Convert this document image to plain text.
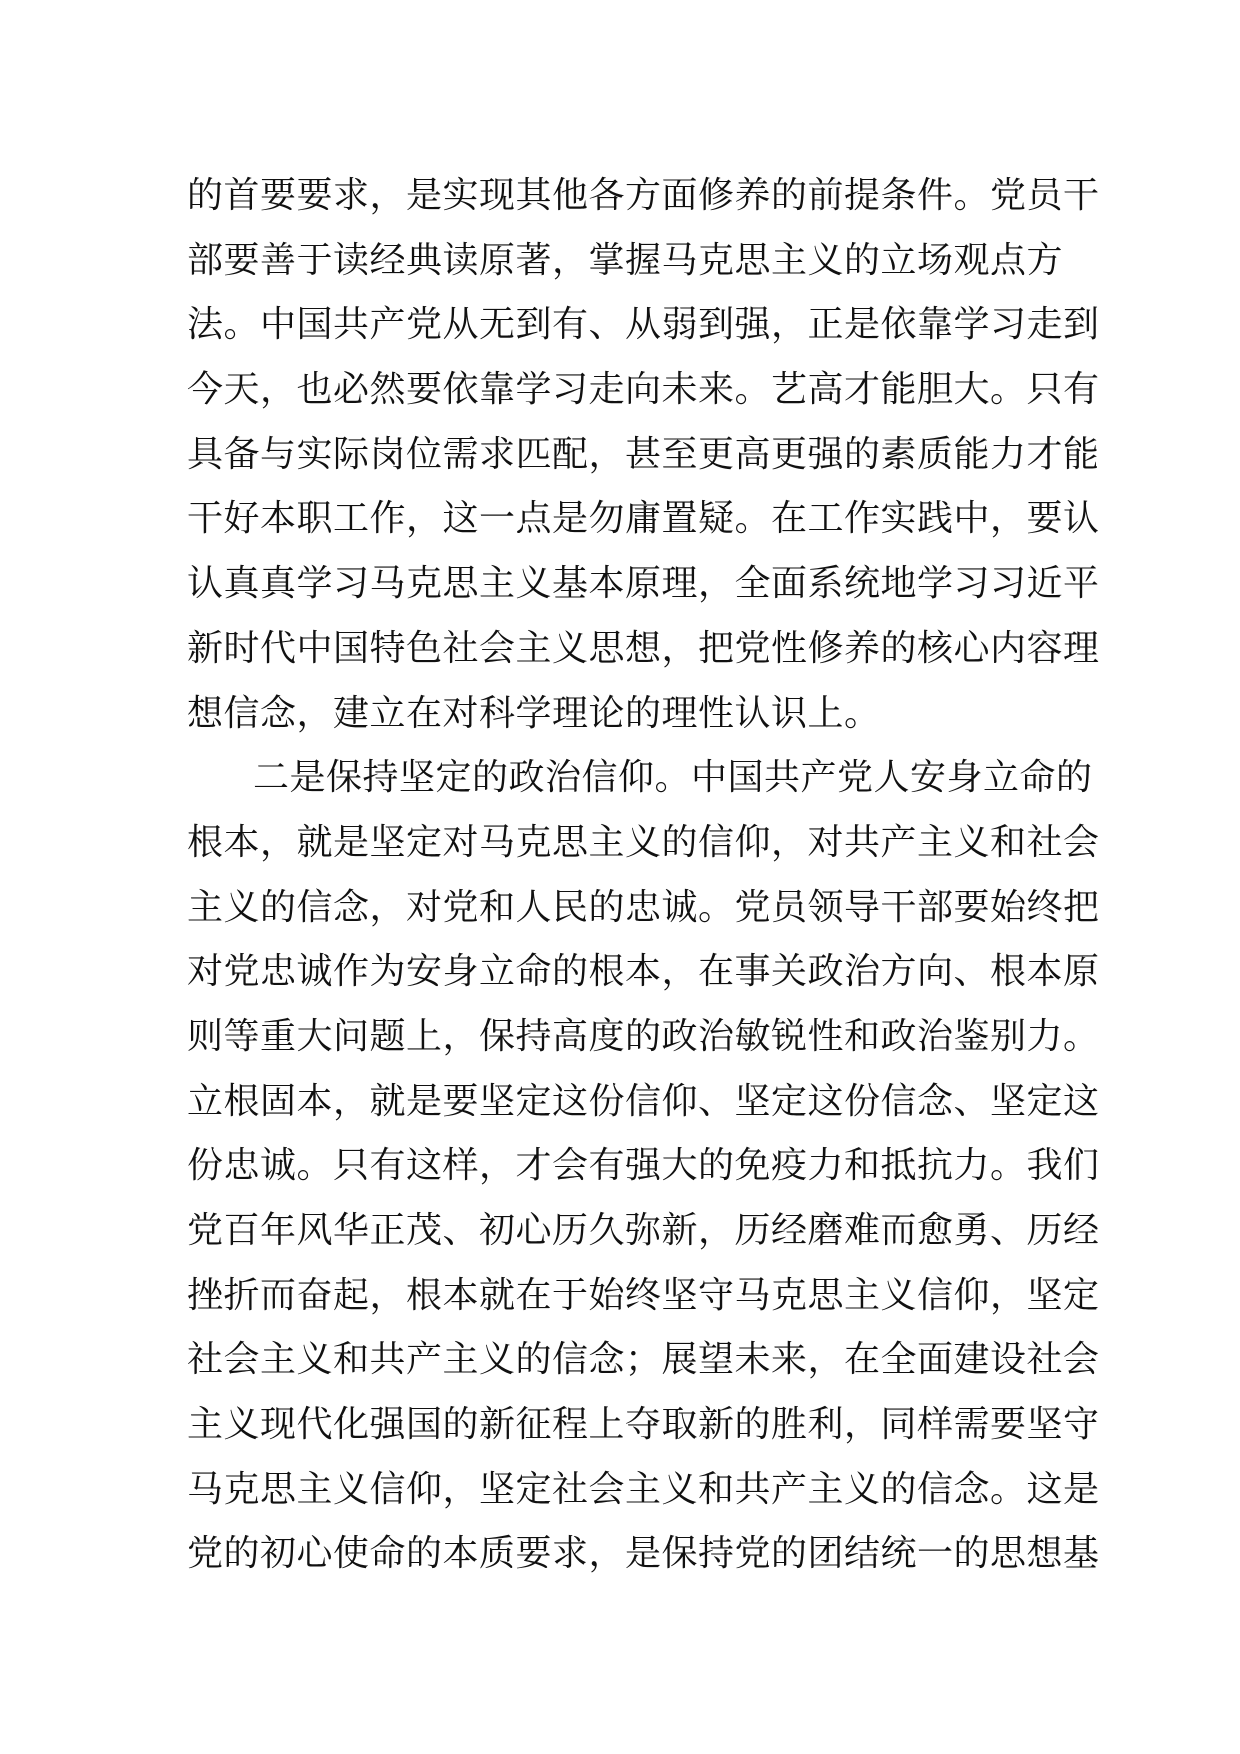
的首要要求，是实现其他各方面修养的前提条件。党员干
部要善于读经典读原著，掌握马克思主义的立场观点方
法。中国共产党从无到有、从弱到强，正是依靠学习走到
今天，也必然要依靠学习走向未来。艺高才能胆大。只有
具备与实际岗位需求匹配，甚至更高更强的素质能力才能
干好本职工作，这一点是勿庸置疑。在工作实践中，要认
认真真学习马克思主义基本原理，全面系统地学习习近平
新时代中国特色社会主义思想，把党性修养的核心内容理
想信念，建立在对科学理论的理性认识上。
二是保持坚定的政治信仰。中国共产党人安身立命的
根本，就是坚定对马克思主义的信仰，对共产主义和社会
主义的信念，对党和人民的忠诚。党员领导干部要始终把
对党忠诚作为安身立命的根本，在事关政治方向、根本原
则等重大问题上，保持高度的政治敏锐性和政治鉴别力。
立根固本，就是要坚定这份信仰、坚定这份信念、坚定这
份忠诚。只有这样，才会有强大的免疫力和抵抗力。我们
党百年风华正茂、初心历久弥新，历经磨难而愈勇、历经
挫折而奋起，根本就在于始终坚守马克思主义信仰，坚定
社会主义和共产主义的信念；展望未来，在全面建设社会
主义现代化强国的新征程上夺取新的胜利，同样需要坚守
马克思主义信仰，坚定社会主义和共产主义的信念。这是
党的初心使命的本质要求，是保持党的团结统一的思想基
